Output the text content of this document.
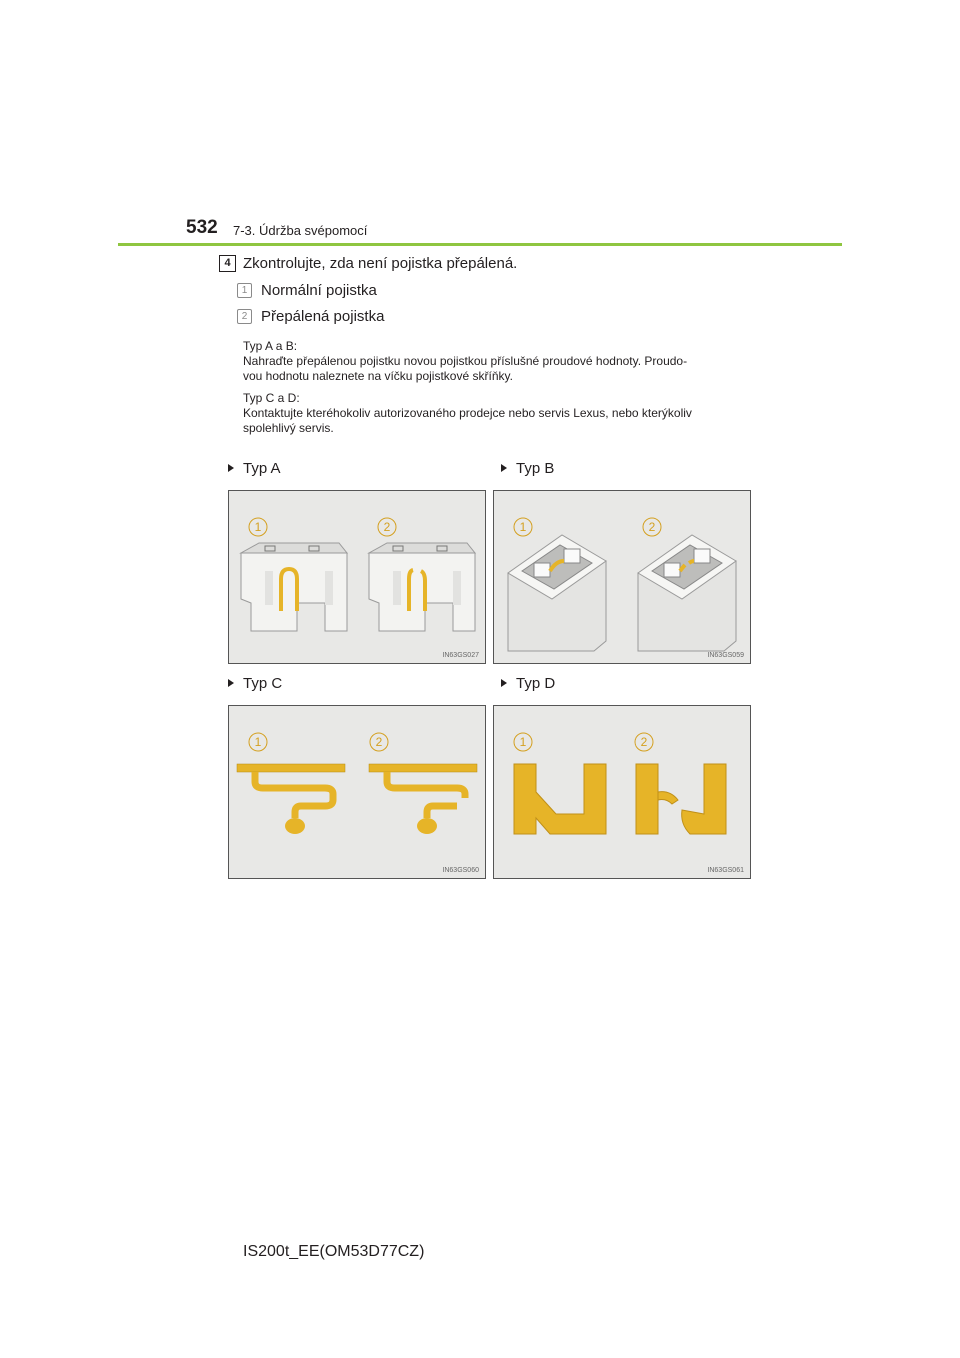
532 7-3. Údržba svépomocí
4 Zkontrolujte, zda není pojistka přepálená.
1 Normální pojistka
2 Přepálená pojistka
Typ A a B:
Nahraďte přepálenou pojistku novou pojistkou příslušné proudové hodnoty. Proudo-
vou hodnotu naleznete na víčku pojistkové skříňky.
Typ C a D:
Kontaktujte kteréhokoliv autorizovaného prodejce nebo servis Lexus, nebo kterýkoliv
spolehlivý servis.
Typ A	Typ B
Typ C	Typ D
1	2
IN63GS027
1	2
IN63GS059
1	2
IN63GS060
1	2
IN63GS061
IS200t_EE(OM53D77CZ)
